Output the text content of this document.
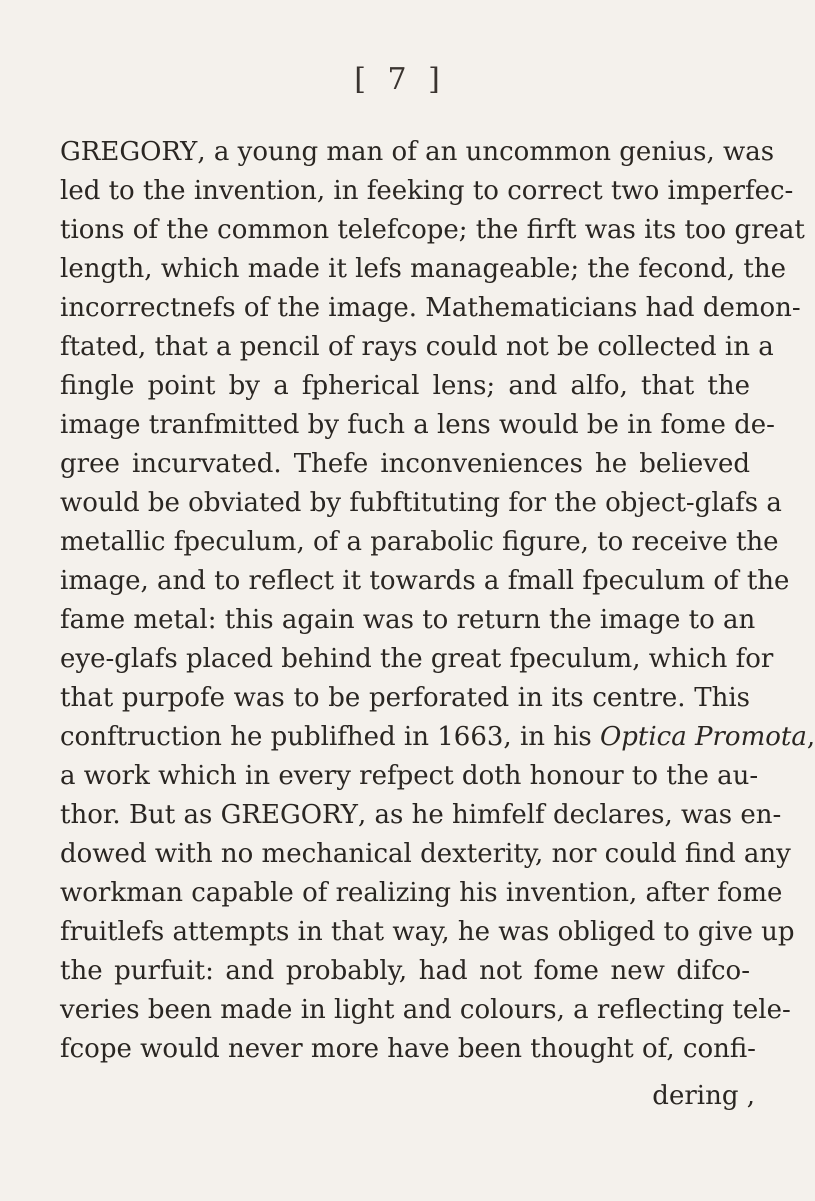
[ 7 ]
GREGORY, a young man of an uncommon genius, was
led to the invention, in feeking to correct two imperfec-
tions of the common telefcope; the firft was its too great
length, which made it lefs manageable; the fecond, the
incorrectnefs of the image. Mathematicians had demon-
ftated, that a pencil of rays could not be collected in a
fingle point by a fpherical lens; and alfo, that the
image tranfmitted by fuch a lens would be in fome de-
gree incurvated. Thefe inconveniences he believed
would be obviated by fubftituting for the object-glafs a
metallic fpeculum, of a parabolic figure, to receive the
image, and to reflect it towards a fmall fpeculum of the
fame metal: this again was to return the image to an
eye-glafs placed behind the great fpeculum, which for
that purpofe was to be perforated in its centre. This
conftruction he publifhed in 1663, in his Optica Promota,
a work which in every refpect doth honour to the au-
thor. But as GREGORY, as he himfelf declares, was en-
dowed with no mechanical dexterity, nor could find any
workman capable of realizing his invention, after fome
fruitlefs attempts in that way, he was obliged to give up
the purfuit: and probably, had not fome new difco-
veries been made in light and colours, a reflecting tele-
fcope would never more have been thought of, confi-
dering ,
